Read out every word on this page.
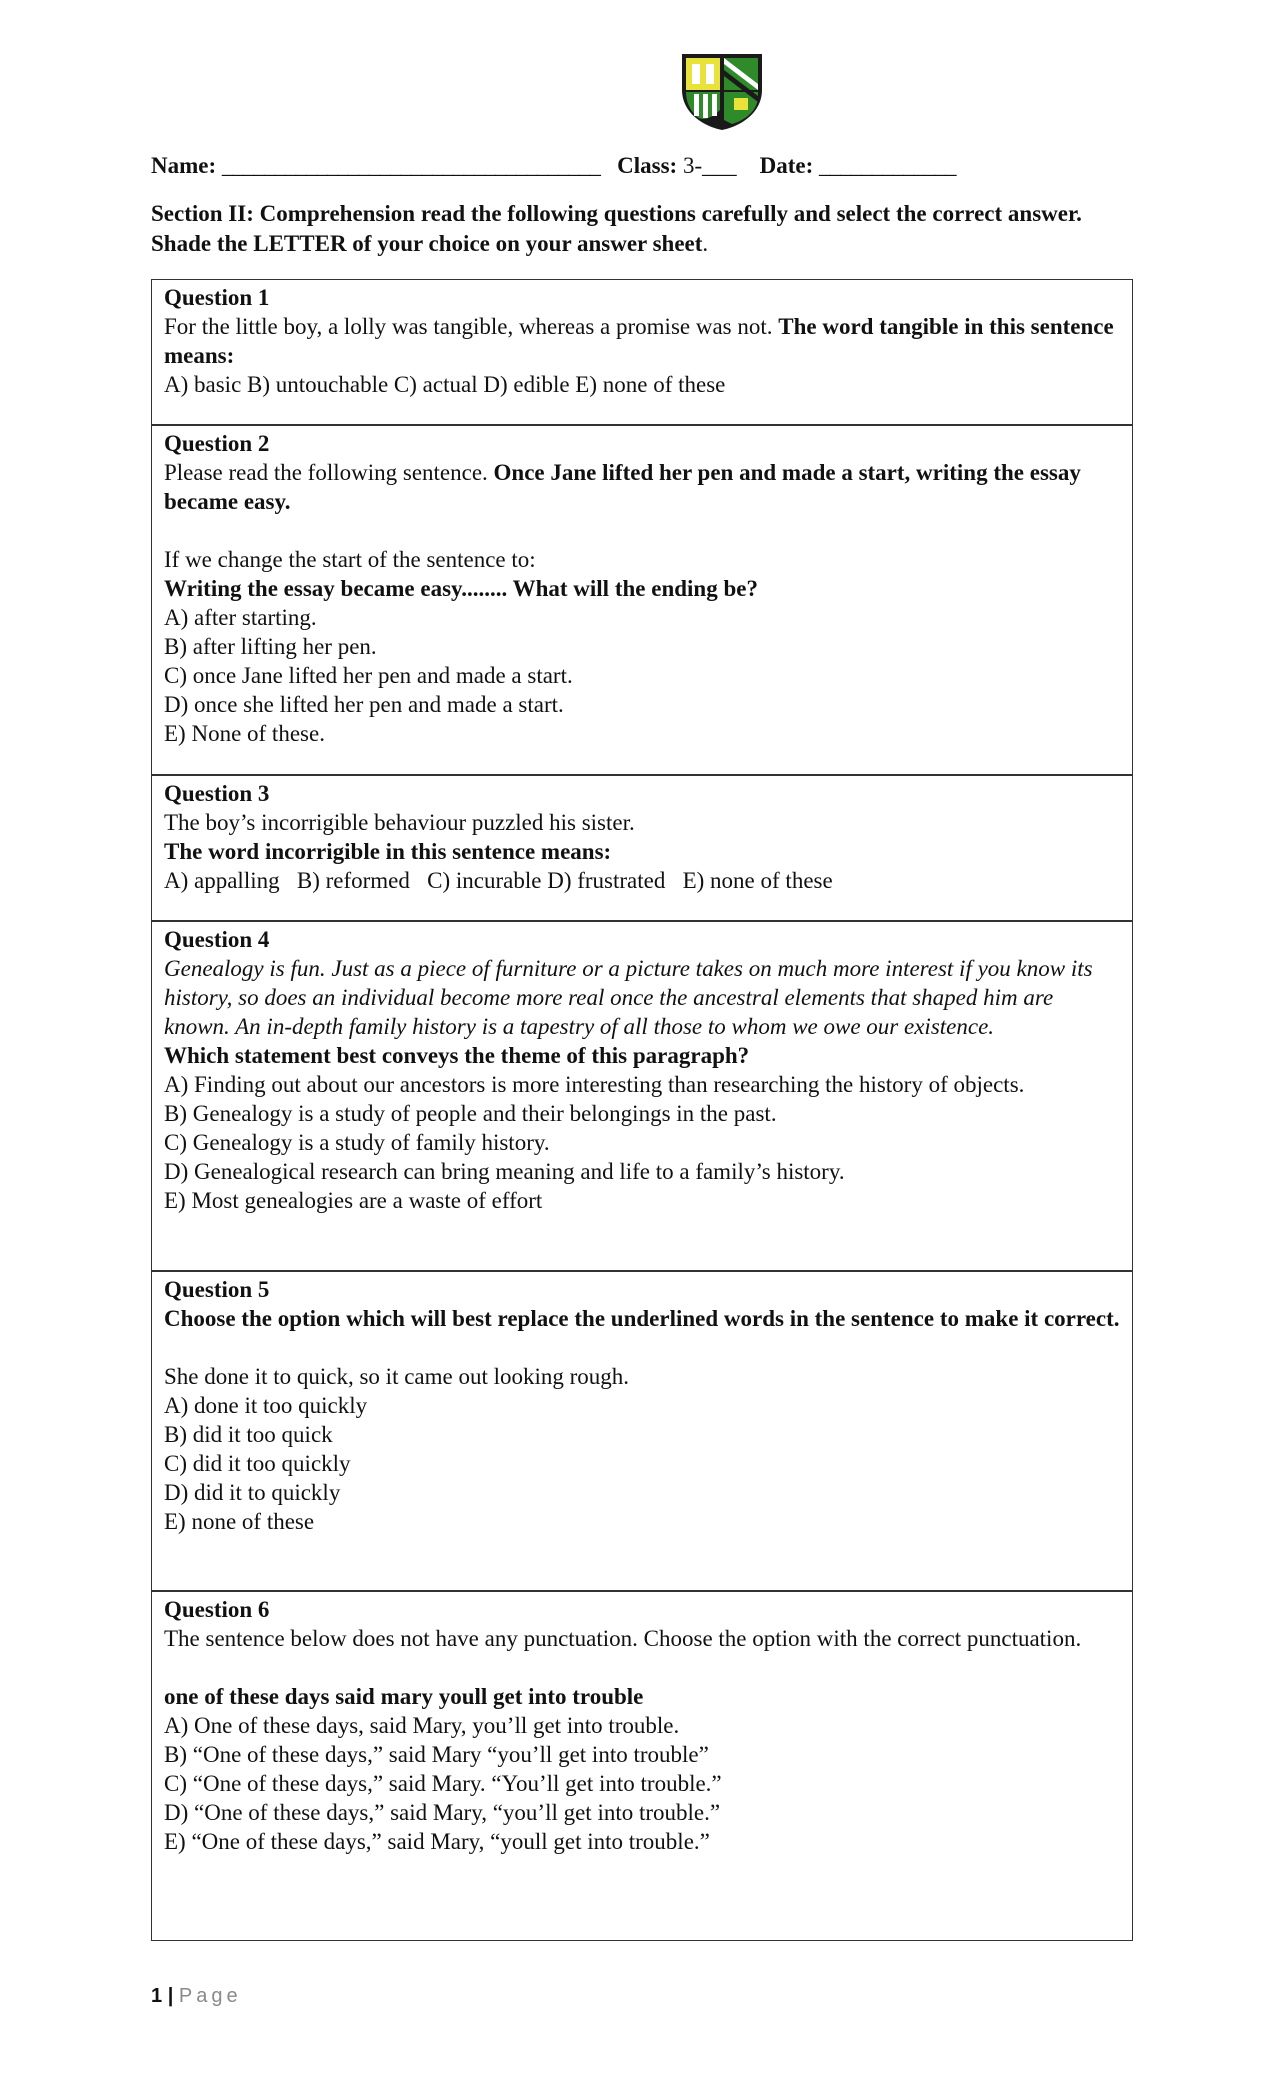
Name: ____________________________________ Class: 3-___ Date: _____________
Section II: Comprehension read the following questions carefully and select the correct answer. Shade the LETTER of your choice on your answer sheet.
Question 1

For the little boy, a lolly was tangible, whereas a promise was not. The word tangible in this sentence means:

A) basic B) untouchable C) actual D) edible E) none of these
Question 2

Please read the following sentence. Once Jane lifted her pen and made a start, writing the essay became easy.

If we change the start of the sentence to:
Writing the essay became easy........ What will the ending be?
A) after starting.
B) after lifting her pen.
C) once Jane lifted her pen and made a start.
D) once she lifted her pen and made a start.
E) None of these.
Question 3
The boy’s incorrigible behaviour puzzled his sister.
The word incorrigible in this sentence means:
A) appalling   B) reformed   C) incurable D) frustrated   E) none of these
Question 4

Genealogy is fun. Just as a piece of furniture or a picture takes on much more interest if you know its history, so does an individual become more real once the ancestral elements that shaped him are known. An in-depth family history is a tapestry of all those to whom we owe our existence.

Which statement best conveys the theme of this paragraph?
A) Finding out about our ancestors is more interesting than researching the history of objects.
B) Genealogy is a study of people and their belongings in the past.
C) Genealogy is a study of family history.
D) Genealogical research can bring meaning and life to a family’s history.
E) Most genealogies are a waste of effort
Question 5

Choose the option which will best replace the underlined words in the sentence to make it correct.

She done it to quick, so it came out looking rough.
A) done it too quickly
B) did it too quick
C) did it too quickly
D) did it to quickly
E) none of these
Question 6

The sentence below does not have any punctuation. Choose the option with the correct punctuation.

one of these days said mary youll get into trouble
A) One of these days, said Mary, you’ll get into trouble.
B) “One of these days,” said Mary “you’ll get into trouble”
C) “One of these days,” said Mary. “You’ll get into trouble.”
D) “One of these days,” said Mary, “you’ll get into trouble.”
E) “One of these days,” said Mary, “youll get into trouble.”
1 | Page
